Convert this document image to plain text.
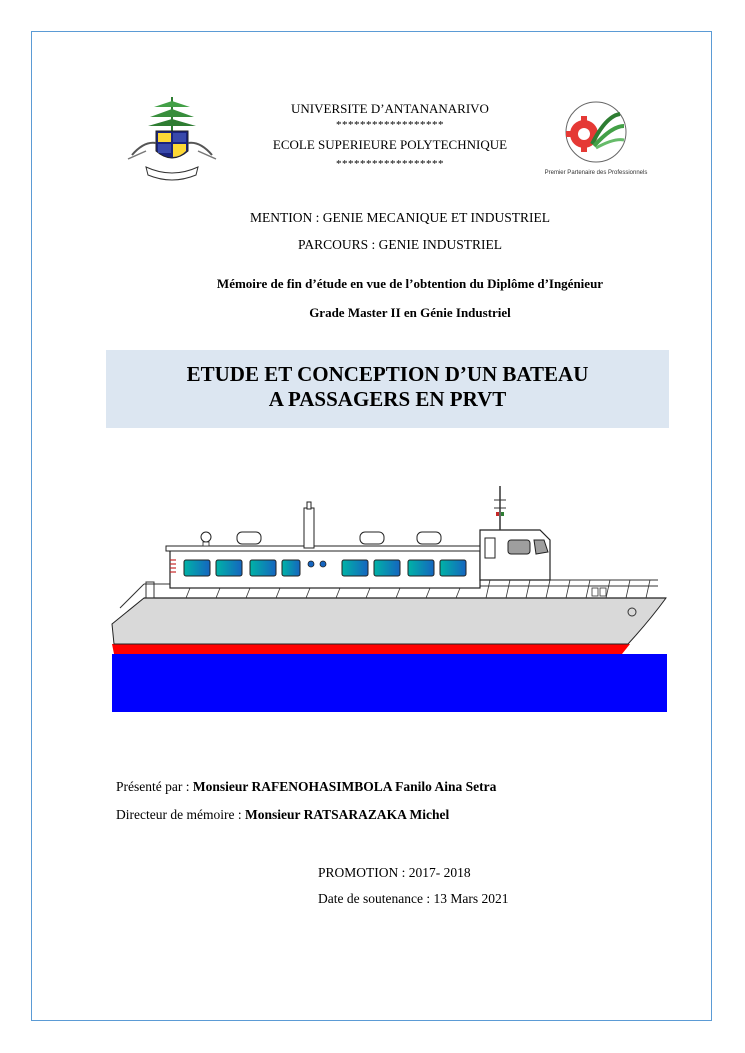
UNIVERSITE D’ANTANANARIVO
******************
ECOLE SUPERIEURE POLYTECHNIQUE
******************
Premier Partenaire des Professionnels
MENTION : GENIE MECANIQUE ET INDUSTRIEL
PARCOURS : GENIE INDUSTRIEL
Mémoire de fin d’étude en vue de l’obtention du Diplôme d’Ingénieur
Grade Master II en Génie Industriel
ETUDE ET CONCEPTION D’UN BATEAU
A PASSAGERS EN PRVT
Présenté par : Monsieur RAFENOHASIMBOLA Fanilo Aina Setra
Directeur de mémoire : Monsieur RATSARAZAKA Michel
PROMOTION : 2017- 2018
Date de soutenance : 13 Mars 2021
